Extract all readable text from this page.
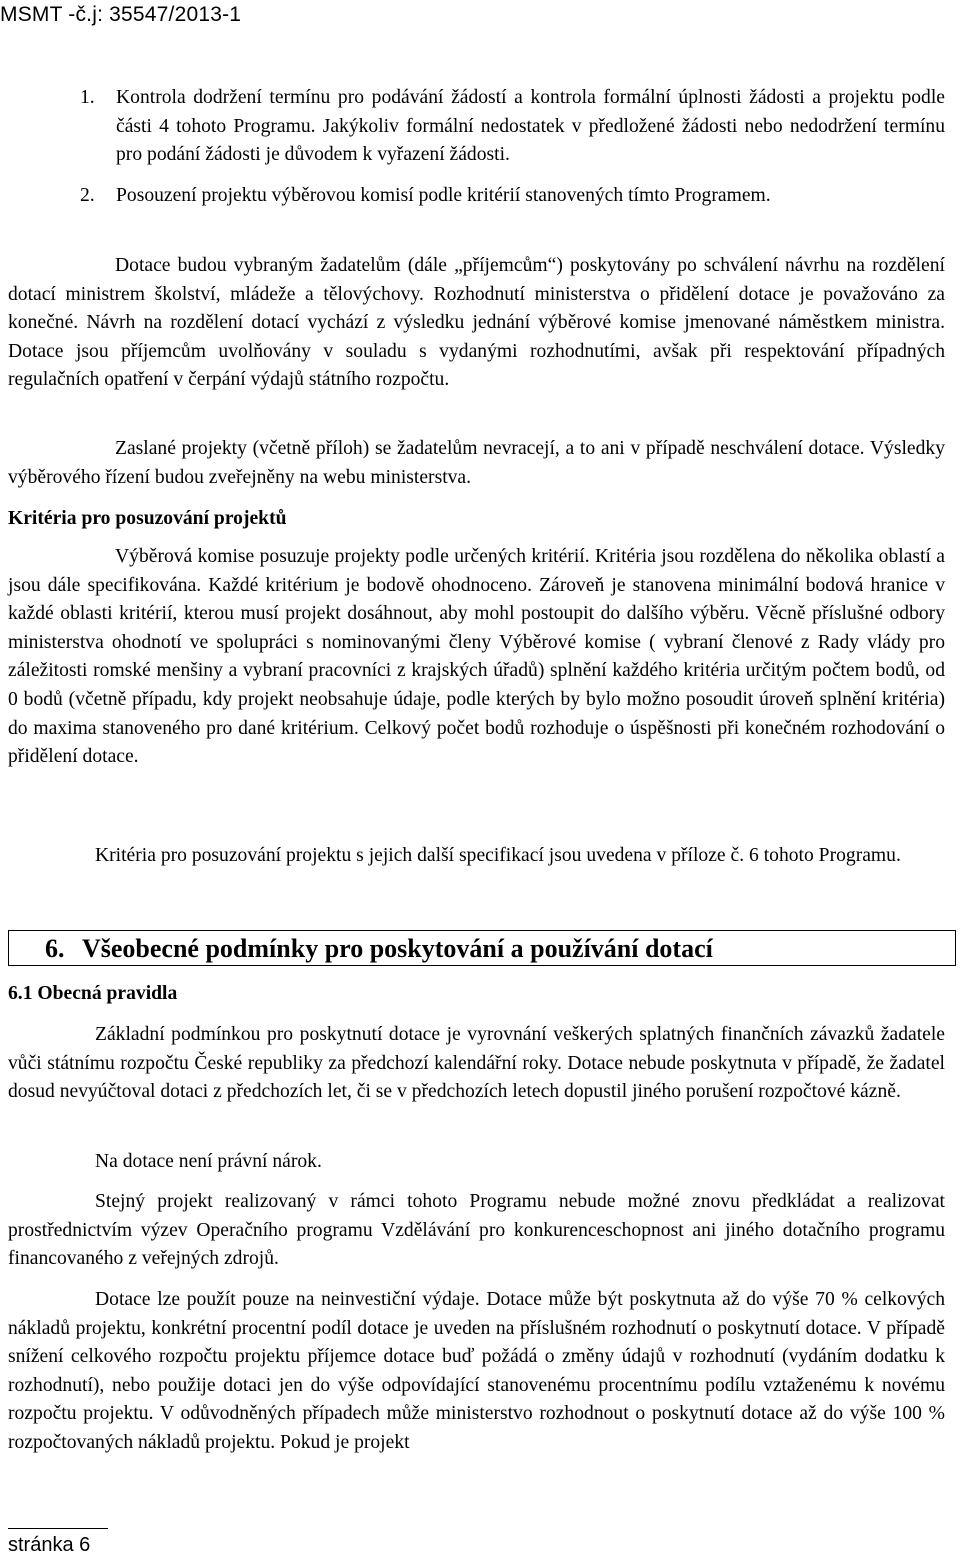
MSMT -č.j: 35547/2013-1
1. Kontrola dodržení termínu pro podávání žádostí a kontrola formální úplnosti žádosti a projektu podle části 4 tohoto Programu. Jakýkoliv formální nedostatek v předložené žádosti nebo nedodržení termínu pro podání žádosti je důvodem k vyřazení žádosti.
2. Posouzení projektu výběrovou komisí podle kritérií stanovených tímto Programem.

Dotace budou vybraným žadatelům (dále „příjemcům“) poskytovány po schválení návrhu na rozdělení dotací ministrem školství, mládeže a tělovýchovy. Rozhodnutí ministerstva o přidělení dotace je považováno za konečné. Návrh na rozdělení dotací vychází z výsledku jednání výběrové komise jmenované náměstkem ministra. Dotace jsou příjemcům uvolňovány v souladu s vydanými rozhodnutími, avšak při respektování případných regulačních opatření v čerpání výdajů státního rozpočtu.

Zaslané projekty (včetně příloh) se žadatelům nevracejí, a to ani v případě neschválení dotace. Výsledky výběrového řízení budou zveřejněny na webu ministerstva.

Kritéria pro posuzování projektů

Výběrová komise posuzuje projekty podle určených kritérií. Kritéria jsou rozdělena do několika oblastí a jsou dále specifikována. Každé kritérium je bodově ohodnoceno. Zároveň je stanovena minimální bodová hranice v každé oblasti kritérií, kterou musí projekt dosáhnout, aby mohl postoupit do dalšího výběru. Věcně příslušné odbory ministerstva ohodnotí ve spolupráci s nominovanými členy Výběrové komise ( vybraní členové z Rady vlády pro záležitosti romské menšiny a vybraní pracovníci z krajských úřadů) splnění každého kritéria určitým počtem bodů, od 0 bodů (včetně případu, kdy projekt neobsahuje údaje, podle kterých by bylo možno posoudit úroveň splnění kritéria) do maxima stanoveného pro dané kritérium. Celkový počet bodů rozhoduje o úspěšnosti při konečném rozhodování o přidělení dotace.

Kritéria pro posuzování projektu s jejich další specifikací jsou uvedena v příloze č. 6 tohoto Programu.

6. Všeobecné podmínky pro poskytování a používání dotací

6.1 Obecná pravidla

Základní podmínkou pro poskytnutí dotace je vyrovnání veškerých splatných finančních závazků žadatele vůči státnímu rozpočtu České republiky za předchozí kalendářní roky. Dotace nebude poskytnuta v případě, že žadatel dosud nevyúčtoval dotaci z předchozích let, či se v předchozích letech dopustil jiného porušení rozpočtové kázně.

Na dotace není právní nárok.

Stejný projekt realizovaný v rámci tohoto Programu nebude možné znovu předkládat a realizovat prostřednictvím výzev Operačního programu Vzdělávání pro konkurenceschopnost ani jiného dotačního programu financovaného z veřejných zdrojů.

Dotace lze použít pouze na neinvestiční výdaje. Dotace může být poskytnuta až do výše 70 % celkových nákladů projektu, konkrétní procentní podíl dotace je uveden na příslušném rozhodnutí o poskytnutí dotace. V případě snížení celkového rozpočtu projektu příjemce dotace buď požádá o změny údajů v rozhodnutí (vydáním dodatku k rozhodnutí), nebo použije dotaci jen do výše odpovídající stanovenému procentnímu podílu vztaženému k novému rozpočtu projektu. V odůvodněných případech může ministerstvo rozhodnout o poskytnutí dotace až do výše 100 % rozpočtovaných nákladů projektu. Pokud je projekt

stránka 6
